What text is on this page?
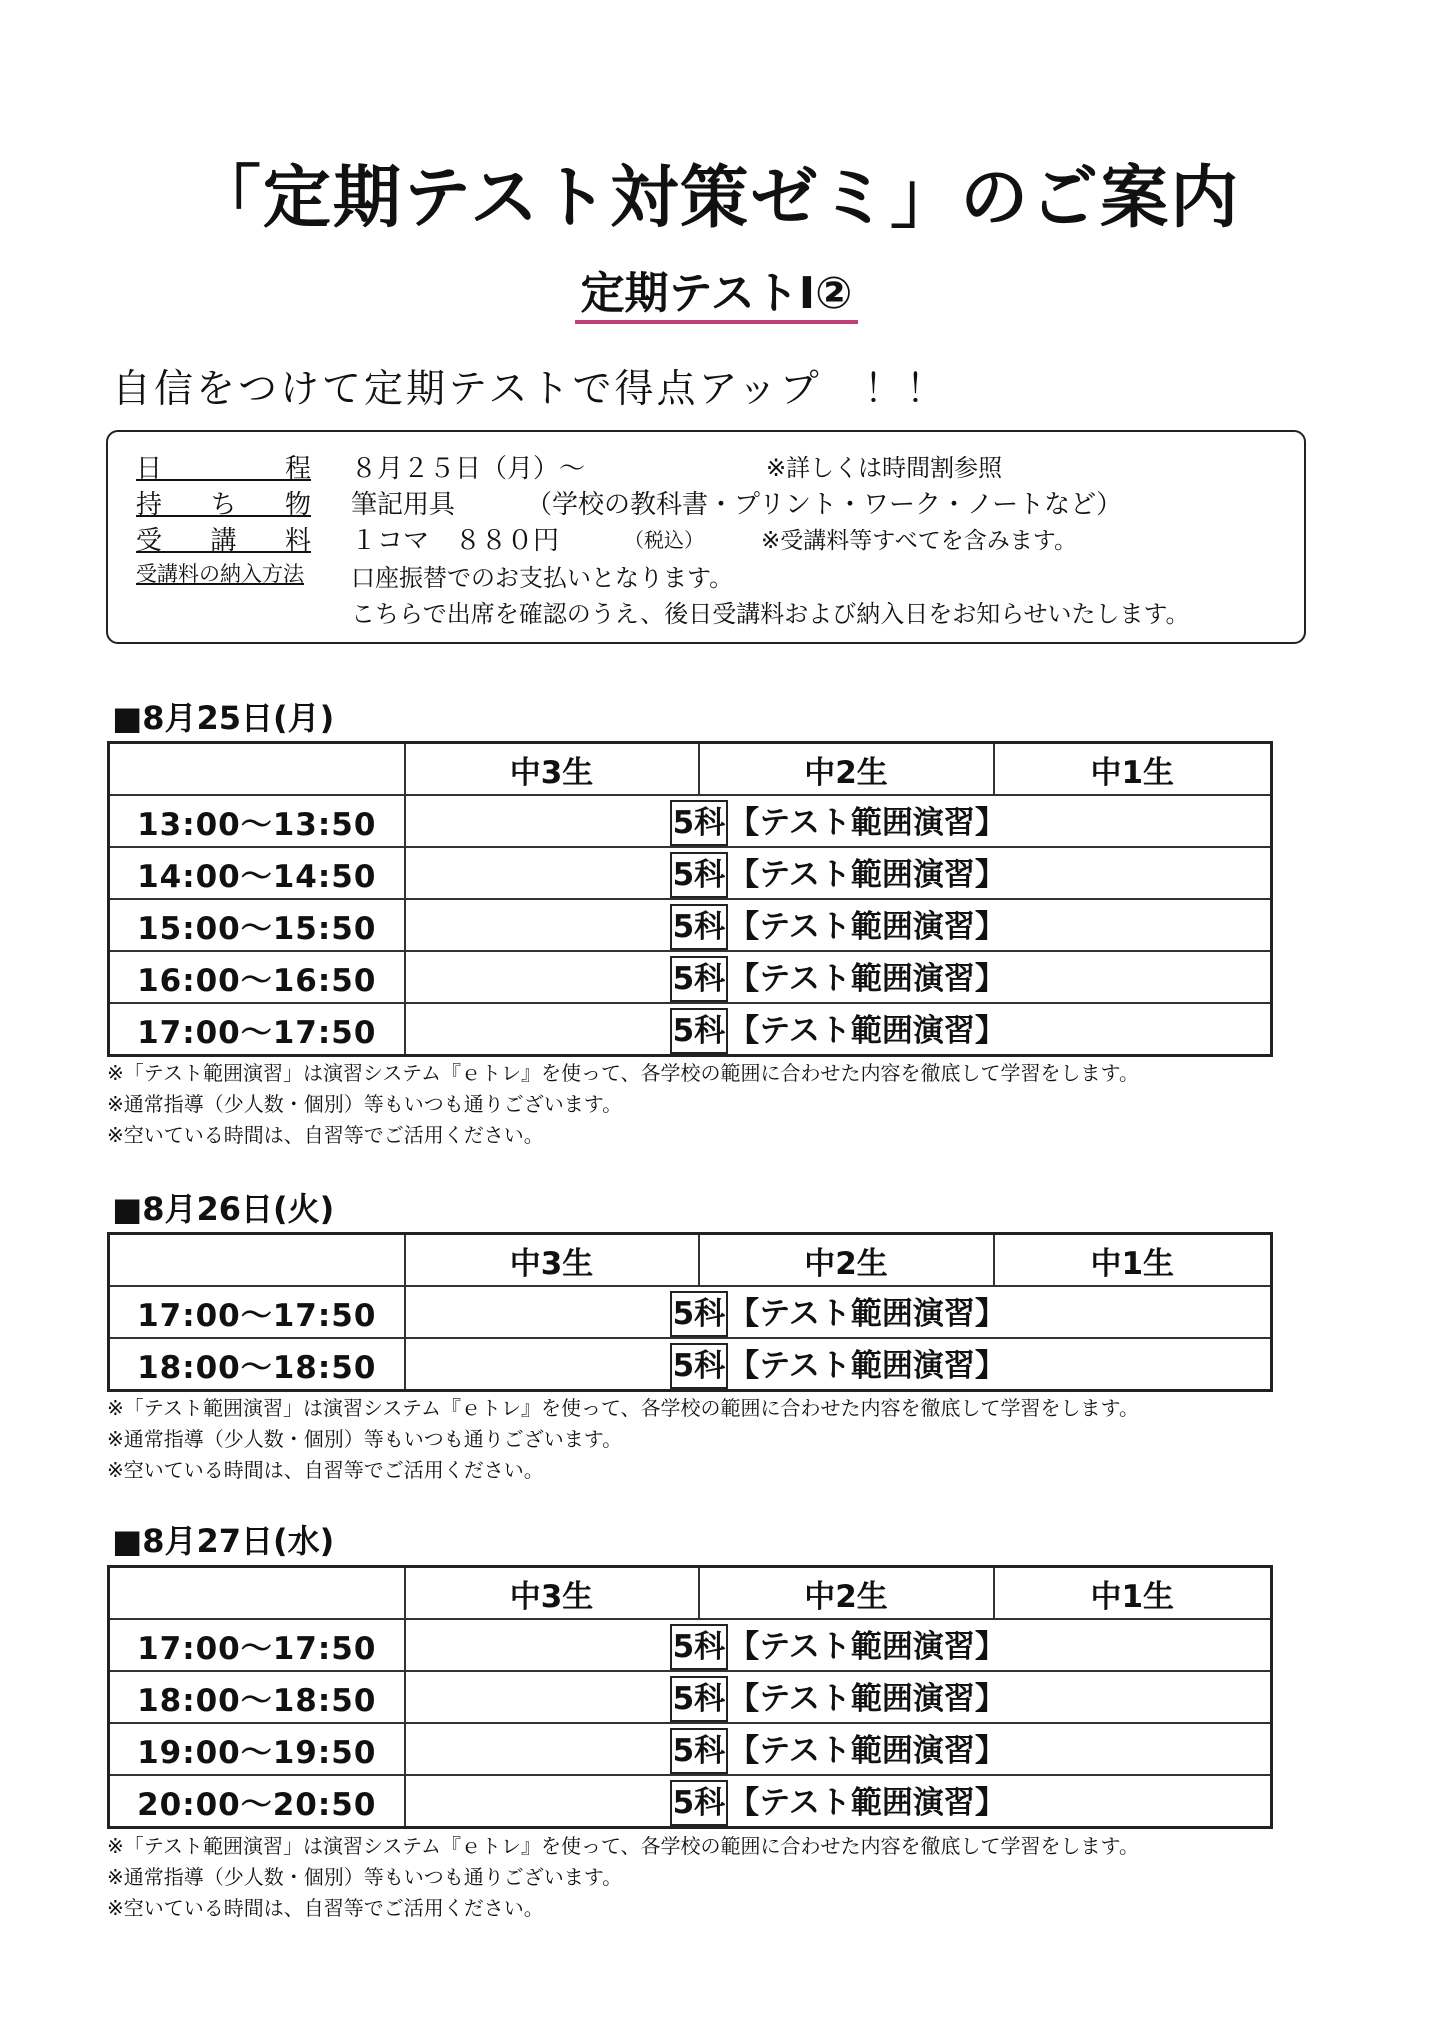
「定期テスト対策ゼミ」のご案内
定期テストⅠ②
自信をつけて定期テストで得点アップ　！！
日程 ８月２５日（月）～	※詳しくは時間割参照
持ち物 筆記用具	（学校の教科書・プリント・ワーク・ノートなど）
受講料 １コマ　８８０円	（税込） ※受講料等すべてを含みます。
受講料の納入方法 口座振替でのお支払いとなります。
こちらで出席を確認のうえ、後日受講料および納入日をお知らせいたします。
■8月25日(月)
	中3生	中2生	中1生
13:00～13:50	5科【テスト範囲演習】		
14:00～14:50	5科【テスト範囲演習】		
15:00～15:50	5科【テスト範囲演習】		
16:00～16:50	5科【テスト範囲演習】		
17:00～17:50	5科【テスト範囲演習】		
※「テスト範囲演習」は演習システム『ｅトレ』を使って、各学校の範囲に合わせた内容を徹底して学習をします。
※通常指導（少人数・個別）等もいつも通りございます。
※空いている時間は、自習等でご活用ください。
■8月26日(火)
	中3生	中2生	中1生
17:00～17:50	5科【テスト範囲演習】		
18:00～18:50	5科【テスト範囲演習】		
※「テスト範囲演習」は演習システム『ｅトレ』を使って、各学校の範囲に合わせた内容を徹底して学習をします。
※通常指導（少人数・個別）等もいつも通りございます。
※空いている時間は、自習等でご活用ください。
■8月27日(水)
	中3生	中2生	中1生
17:00～17:50	5科【テスト範囲演習】		
18:00～18:50	5科【テスト範囲演習】		
19:00～19:50	5科【テスト範囲演習】		
20:00～20:50	5科【テスト範囲演習】		
※「テスト範囲演習」は演習システム『ｅトレ』を使って、各学校の範囲に合わせた内容を徹底して学習をします。
※通常指導（少人数・個別）等もいつも通りございます。
※空いている時間は、自習等でご活用ください。
